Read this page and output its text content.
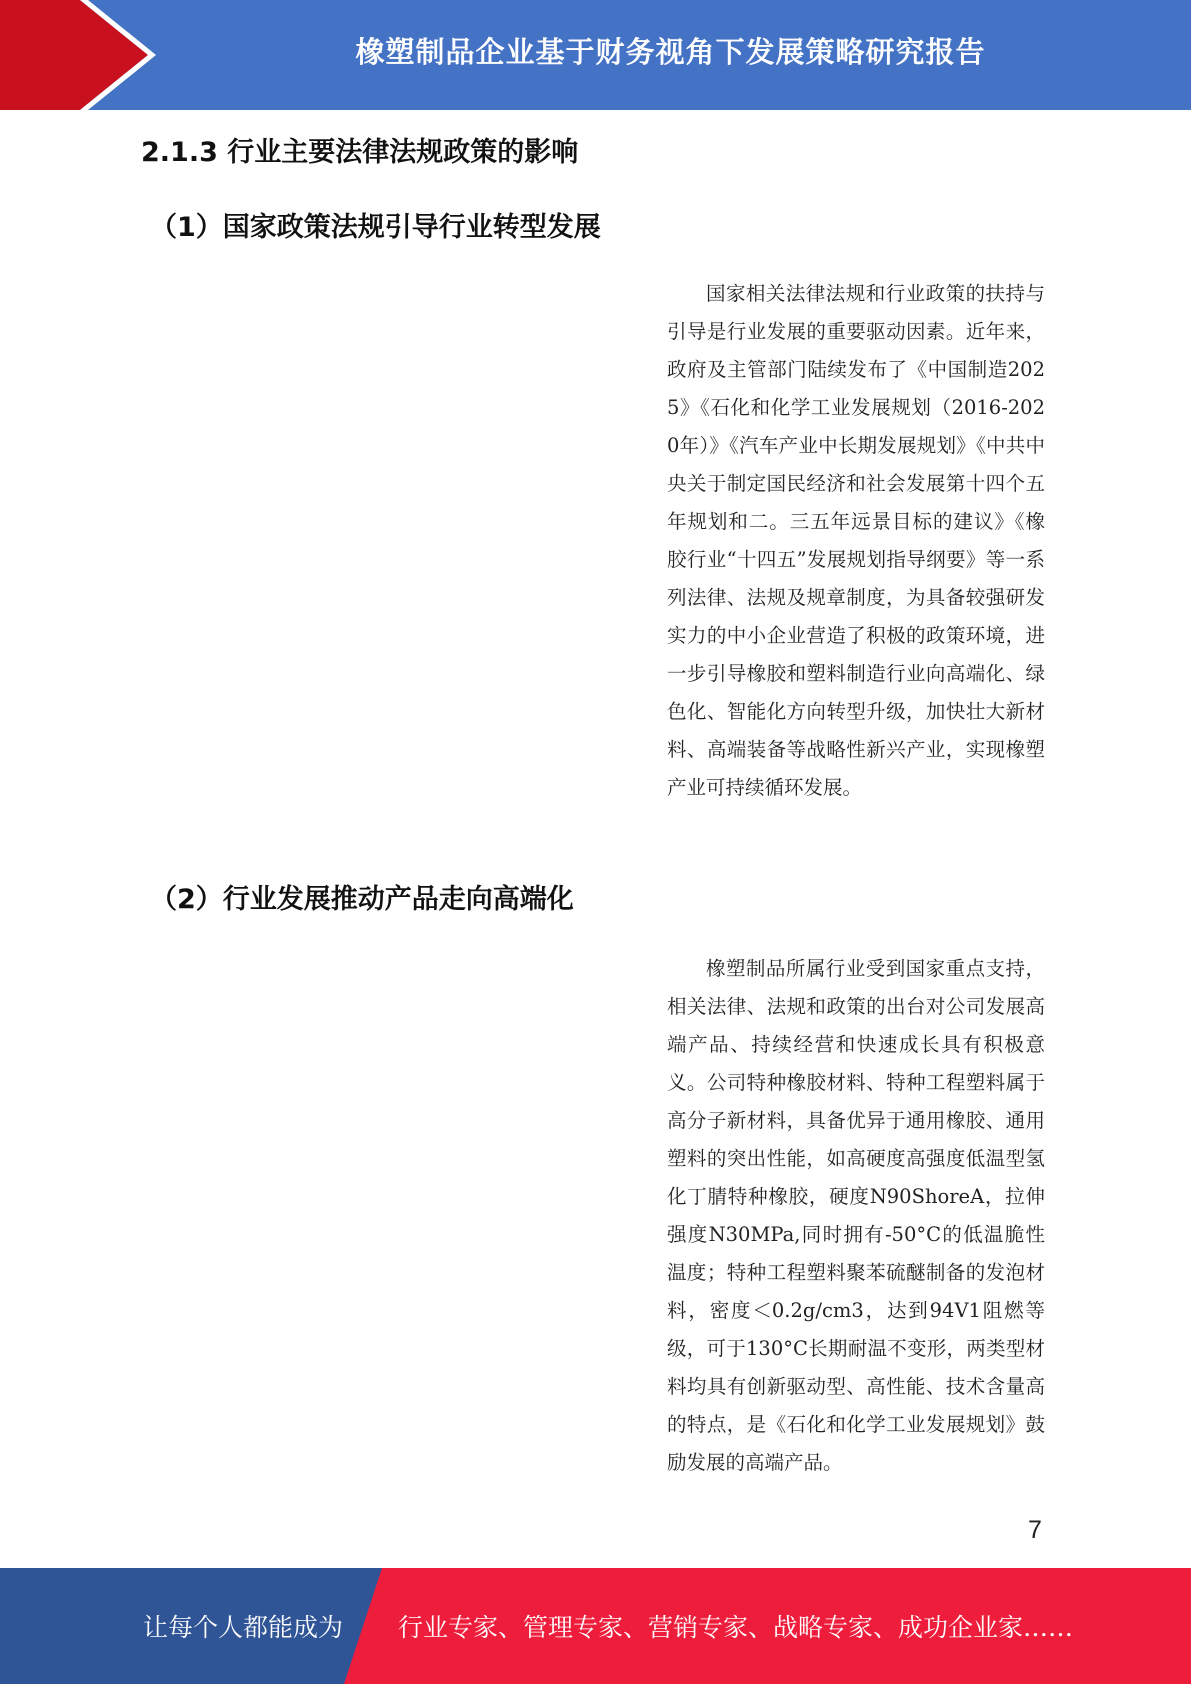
橡塑制品企业基于财务视角下发展策略研究报告
2.1.3 行业主要法律法规政策的影响
（1）国家政策法规引导行业转型发展

国家相关法律法规和行业政策的扶持与引导是行业发展的重要驱动因素。近年来，政府及主管部门陆续发布了《中国制造2025》《石化和化学工业发展规划（2016-2020年）》《汽车产业中长期发展规划》《中共中央关于制定国民经济和社会发展第十四个五年规划和二。三五年远景目标的建议》《橡胶行业“十四五”发展规划指导纲要》等一系列法律、法规及规章制度，为具备较强研发实力的中小企业营造了积极的政策环境，进一步引导橡胶和塑料制造行业向高端化、绿色化、智能化方向转型升级，加快壮大新材料、高端装备等战略性新兴产业，实现橡塑产业可持续循环发展。

（2）行业发展推动产品走向高端化

橡塑制品所属行业受到国家重点支持，相关法律、法规和政策的出台对公司发展高端产品、持续经营和快速成长具有积极意义。公司特种橡胶材料、特种工程塑料属于高分子新材料，具备优异于通用橡胶、通用塑料的突出性能，如高硬度高强度低温型氢化丁腈特种橡胶，硬度N90ShoreA，拉伸强度N30MPa,同时拥有-50°C的低温脆性温度；特种工程塑料聚苯硫醚制备的发泡材料，密度＜0.2g/cm3，达到94V1阻燃等级，可于130°C长期耐温不变形，两类型材料均具有创新驱动型、高性能、技术含量高的特点，是《石化和化学工业发展规划》鼓励发展的高端产品。

7
让每个人都能成为 行业专家、管理专家、营销专家、战略专家、成功企业家……
